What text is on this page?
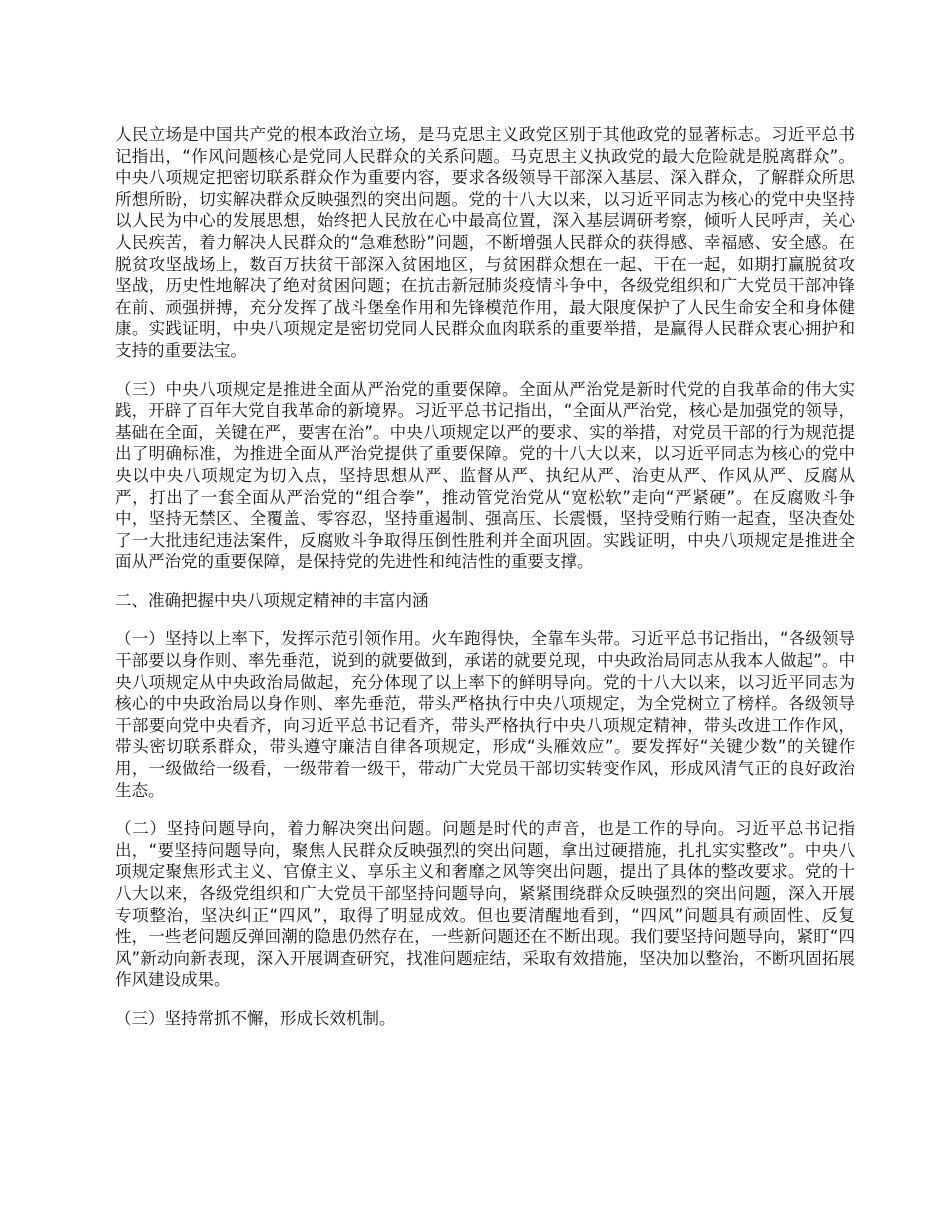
人民立场是中国共产党的根本政治立场，是马克思主义政党区别于其他政党的显著标志。习近平总书记指出，“作风问题核心是党同人民群众的关系问题。马克思主义执政党的最大危险就是脱离群众”。中央八项规定把密切联系群众作为重要内容，要求各级领导干部深入基层、深入群众，了解群众所思所想所盼，切实解决群众反映强烈的突出问题。党的十八大以来，以习近平同志为核心的党中央坚持以人民为中心的发展思想，始终把人民放在心中最高位置，深入基层调研考察，倾听人民呼声，关心人民疾苦，着力解决人民群众的“急难愁盼”问题，不断增强人民群众的获得感、幸福感、安全感。在脱贫攻坚战场上，数百万扶贫干部深入贫困地区，与贫困群众想在一起、干在一起，如期打赢脱贫攻坚战，历史性地解决了绝对贫困问题；在抗击新冠肺炎疫情斗争中，各级党组织和广大党员干部冲锋在前、顽强拼搏，充分发挥了战斗堡垒作用和先锋模范作用，最大限度保护了人民生命安全和身体健康。实践证明，中央八项规定是密切党同人民群众血肉联系的重要举措，是赢得人民群众衷心拥护和支持的重要法宝。

（三）中央八项规定是推进全面从严治党的重要保障。全面从严治党是新时代党的自我革命的伟大实践，开辟了百年大党自我革命的新境界。习近平总书记指出，“全面从严治党，核心是加强党的领导，基础在全面，关键在严，要害在治”。中央八项规定以严的要求、实的举措，对党员干部的行为规范提出了明确标准，为推进全面从严治党提供了重要保障。党的十八大以来，以习近平同志为核心的党中央以中央八项规定为切入点，坚持思想从严、监督从严、执纪从严、治吏从严、作风从严、反腐从严，打出了一套全面从严治党的“组合拳”，推动管党治党从“宽松软”走向“严紧硬”。在反腐败斗争中，坚持无禁区、全覆盖、零容忍，坚持重遏制、强高压、长震慑，坚持受贿行贿一起查，坚决查处了一大批违纪违法案件，反腐败斗争取得压倒性胜利并全面巩固。实践证明，中央八项规定是推进全面从严治党的重要保障，是保持党的先进性和纯洁性的重要支撑。

二、准确把握中央八项规定精神的丰富内涵

（一）坚持以上率下，发挥示范引领作用。火车跑得快，全靠车头带。习近平总书记指出，“各级领导干部要以身作则、率先垂范，说到的就要做到，承诺的就要兑现，中央政治局同志从我本人做起”。中央八项规定从中央政治局做起，充分体现了以上率下的鲜明导向。党的十八大以来，以习近平同志为核心的中央政治局以身作则、率先垂范，带头严格执行中央八项规定，为全党树立了榜样。各级领导干部要向党中央看齐，向习近平总书记看齐，带头严格执行中央八项规定精神，带头改进工作作风，带头密切联系群众，带头遵守廉洁自律各项规定，形成“头雁效应”。要发挥好“关键少数”的关键作用，一级做给一级看，一级带着一级干，带动广大党员干部切实转变作风，形成风清气正的良好政治生态。

（二）坚持问题导向，着力解决突出问题。问题是时代的声音，也是工作的导向。习近平总书记指出，“要坚持问题导向，聚焦人民群众反映强烈的突出问题，拿出过硬措施，扎扎实实整改”。中央八项规定聚焦形式主义、官僚主义、享乐主义和奢靡之风等突出问题，提出了具体的整改要求。党的十八大以来，各级党组织和广大党员干部坚持问题导向，紧紧围绕群众反映强烈的突出问题，深入开展专项整治，坚决纠正“四风”，取得了明显成效。但也要清醒地看到，“四风”问题具有顽固性、反复性，一些老问题反弹回潮的隐患仍然存在，一些新问题还在不断出现。我们要坚持问题导向，紧盯“四风”新动向新表现，深入开展调查研究，找准问题症结，采取有效措施，坚决加以整治，不断巩固拓展作风建设成果。

（三）坚持常抓不懈，形成长效机制。
